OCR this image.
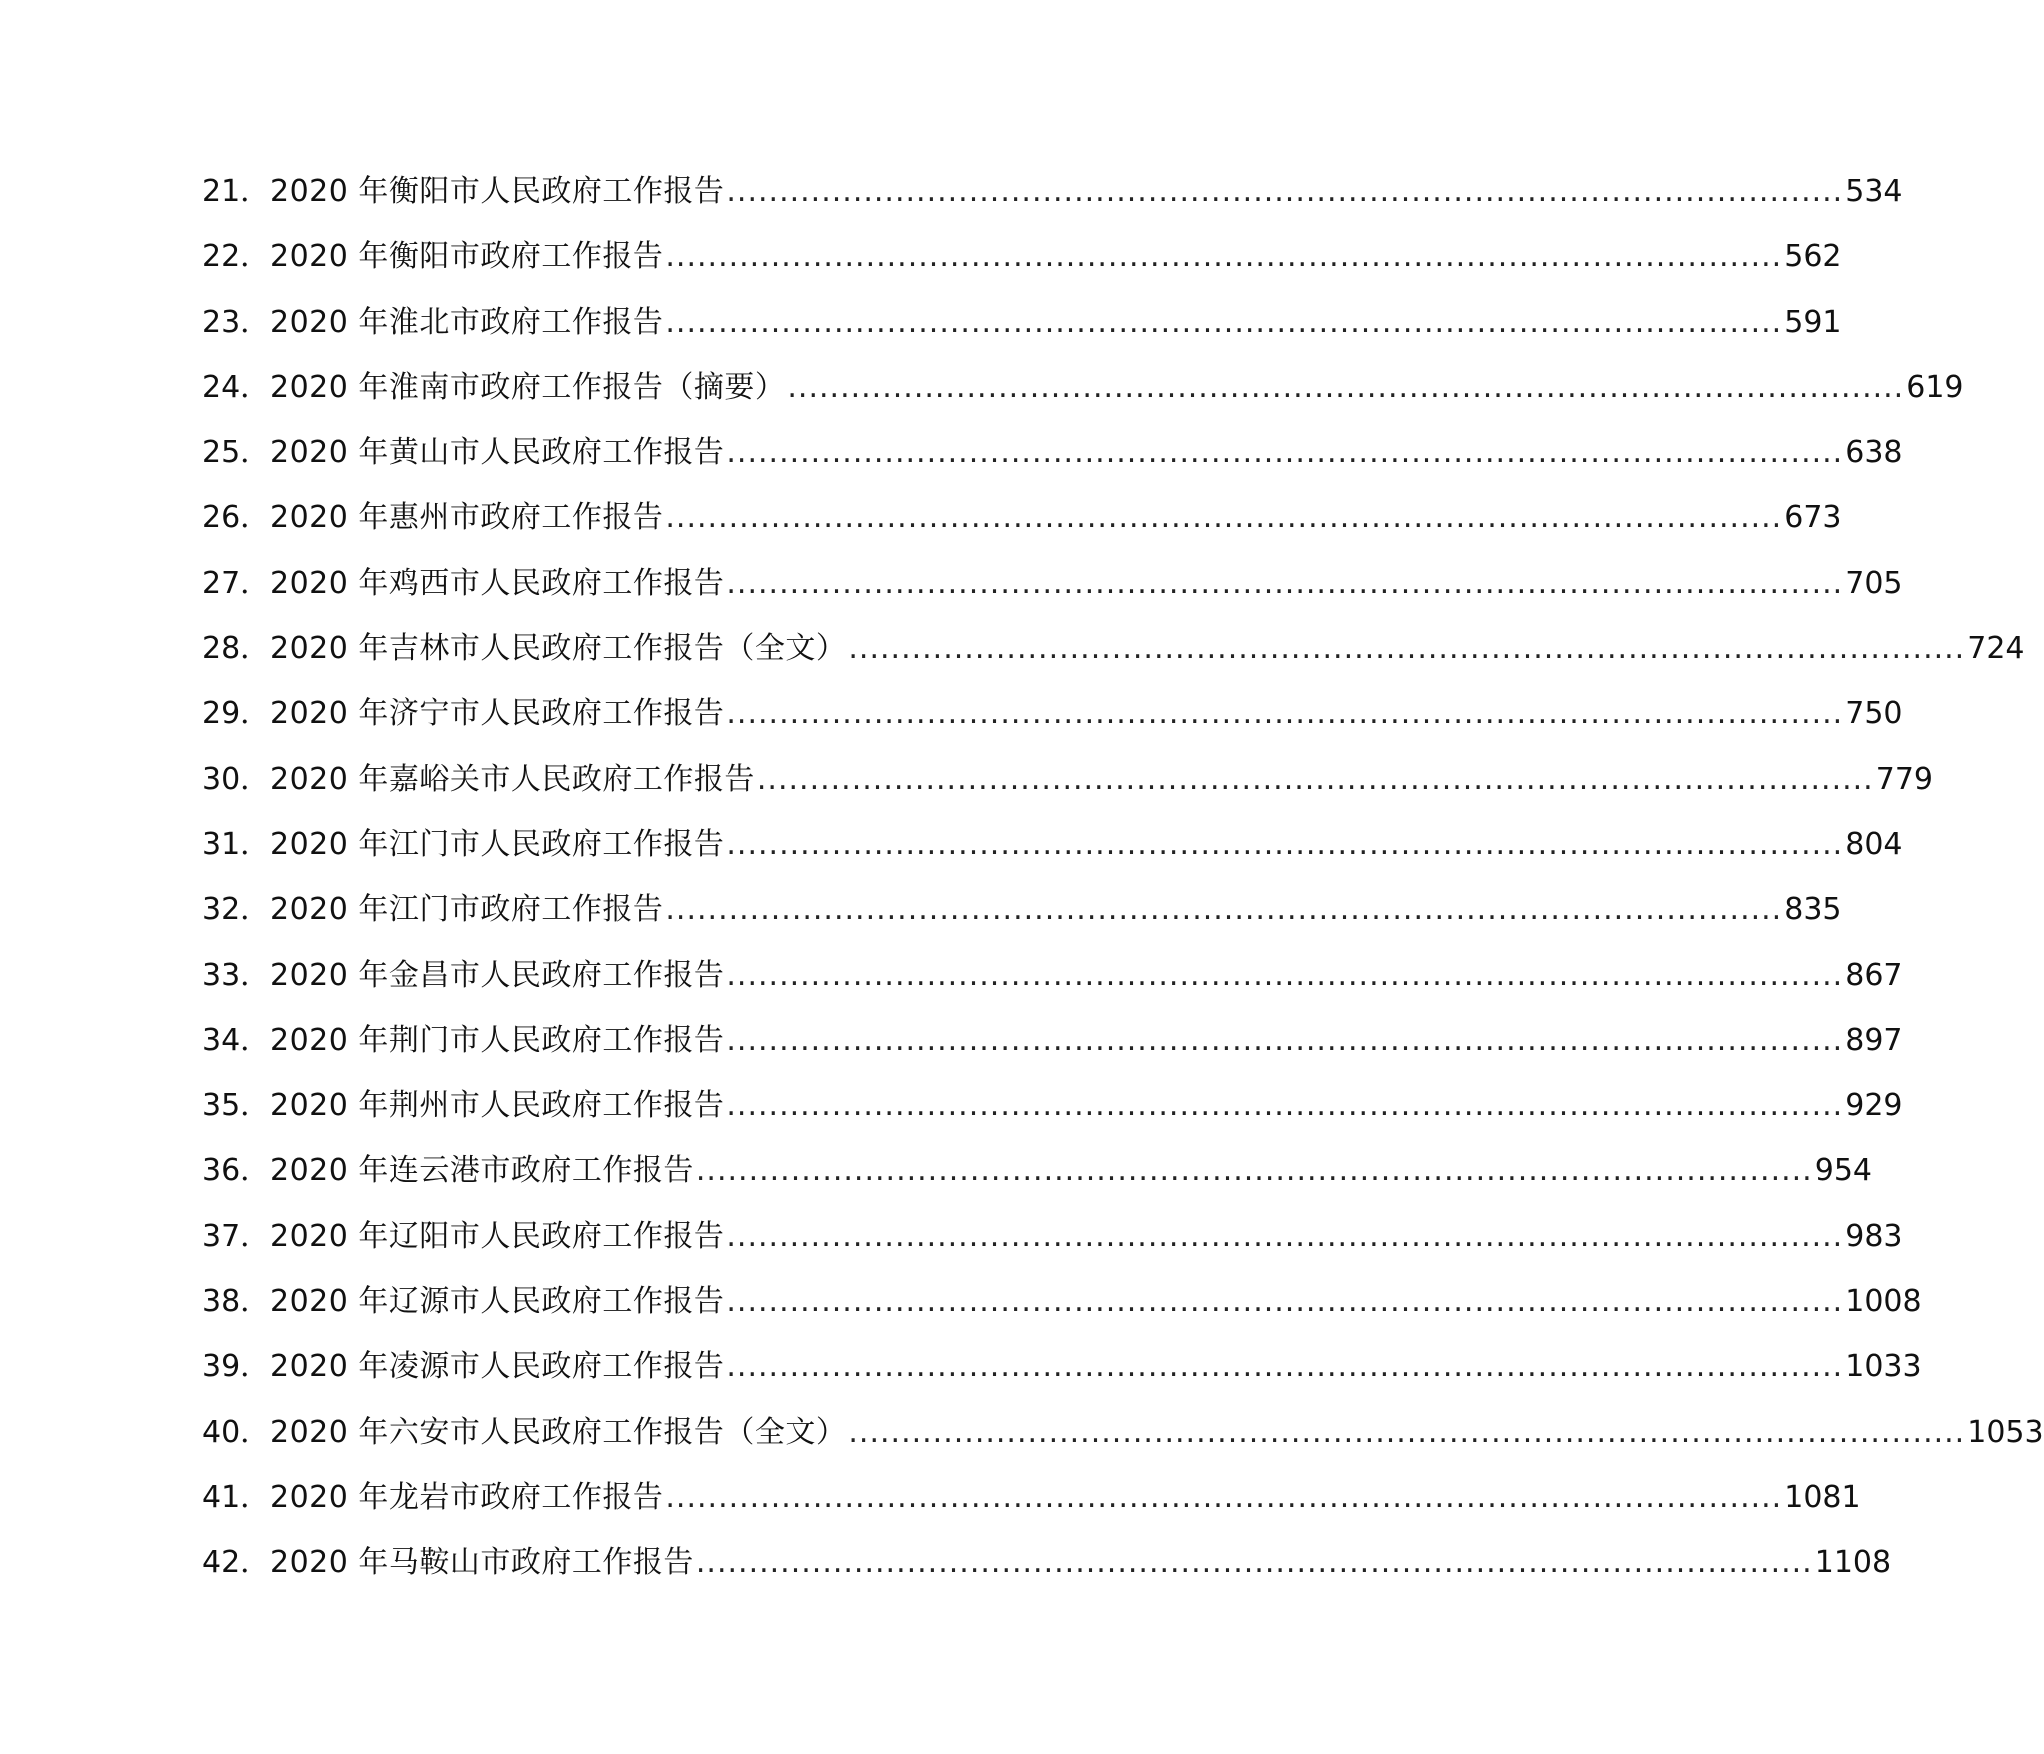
21． 2020 年衡阳市人民政府工作报告 .....	534
22． 2020 年衡阳市政府工作报告 .....	562
23． 2020 年淮北市政府工作报告 .....	591
24． 2020 年淮南市政府工作报告（摘要） .....	619
25． 2020 年黄山市人民政府工作报告 .....	638
26． 2020 年惠州市政府工作报告 .....	673
27． 2020 年鸡西市人民政府工作报告 .....	705
28． 2020 年吉林市人民政府工作报告（全文） .....	724
29． 2020 年济宁市人民政府工作报告 .....	750
30． 2020 年嘉峪关市人民政府工作报告 .....	779
31． 2020 年江门市人民政府工作报告 .....	804
32． 2020 年江门市政府工作报告 .....	835
33． 2020 年金昌市人民政府工作报告 .....	867
34． 2020 年荆门市人民政府工作报告 .....	897
35． 2020 年荆州市人民政府工作报告 .....	929
36． 2020 年连云港市政府工作报告 .....	954
37． 2020 年辽阳市人民政府工作报告 .....	983
38． 2020 年辽源市人民政府工作报告 .....	1008
39． 2020 年凌源市人民政府工作报告 .....	1033
40． 2020 年六安市人民政府工作报告（全文） .....	1053
41． 2020 年龙岩市政府工作报告 .....	1081
42． 2020 年马鞍山市政府工作报告 .....	1108
